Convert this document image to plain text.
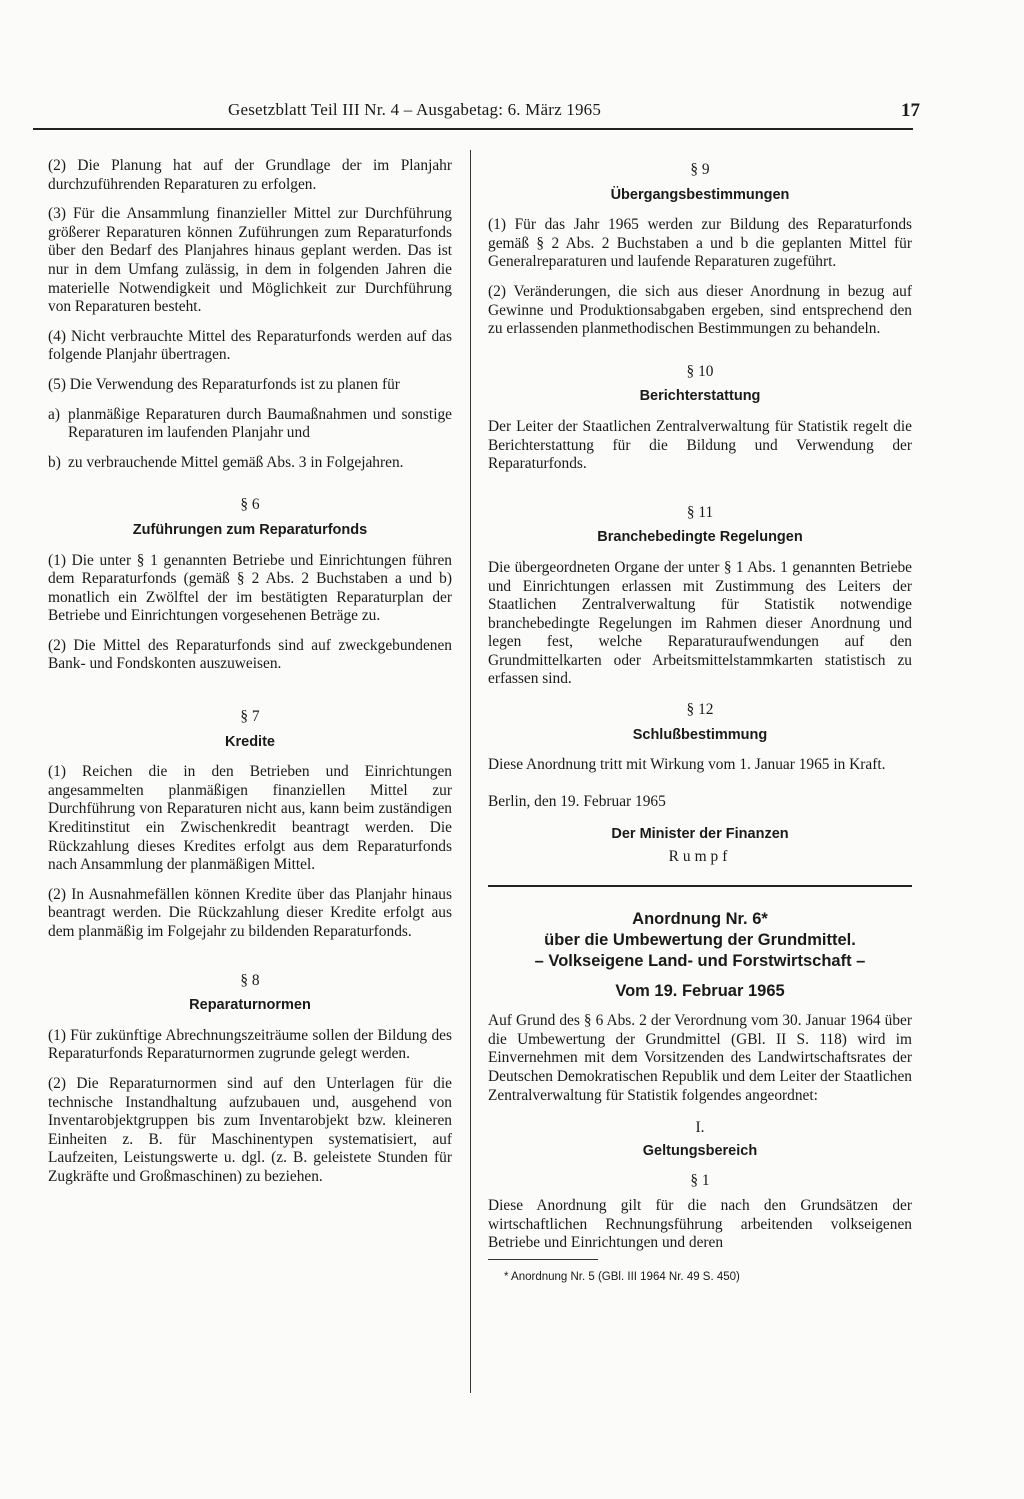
Gesetzblatt Teil III Nr. 4 – Ausgabetag: 6. März 1965	17

(2) Die Planung hat auf der Grundlage der im Planjahr durchzuführenden Reparaturen zu erfolgen.

(3) Für die Ansammlung finanzieller Mittel zur Durchführung größerer Reparaturen können Zuführungen zum Reparaturfonds über den Bedarf des Planjahres hinaus geplant werden. Das ist nur in dem Umfang zulässig, in dem in folgenden Jahren die materielle Notwendigkeit und Möglichkeit zur Durchführung von Reparaturen besteht.

(4) Nicht verbrauchte Mittel des Reparaturfonds werden auf das folgende Planjahr übertragen.

(5) Die Verwendung des Reparaturfonds ist zu planen für

a) planmäßige Reparaturen durch Baumaßnahmen und sonstige Reparaturen im laufenden Planjahr und
b) zu verbrauchende Mittel gemäß Abs. 3 in Folgejahren.
§ 6
Zuführungen zum Reparaturfonds

(1) Die unter § 1 genannten Betriebe und Einrichtungen führen dem Reparaturfonds (gemäß § 2 Abs. 2 Buchstaben a und b) monatlich ein Zwölftel der im bestätigten Reparaturplan der Betriebe und Einrichtungen vorgesehenen Beträge zu.

(2) Die Mittel des Reparaturfonds sind auf zweckgebundenen Bank- und Fondskonten auszuweisen.

§ 7
Kredite

(1) Reichen die in den Betrieben und Einrichtungen angesammelten planmäßigen finanziellen Mittel zur Durchführung von Reparaturen nicht aus, kann beim zuständigen Kreditinstitut ein Zwischenkredit beantragt werden. Die Rückzahlung dieses Kredites erfolgt aus dem Reparaturfonds nach Ansammlung der planmäßigen Mittel.

(2) In Ausnahmefällen können Kredite über das Planjahr hinaus beantragt werden. Die Rückzahlung dieser Kredite erfolgt aus dem planmäßig im Folgejahr zu bildenden Reparaturfonds.

§ 8
Reparaturnormen

(1) Für zukünftige Abrechnungszeiträume sollen der Bildung des Reparaturfonds Reparaturnormen zugrunde gelegt werden.

(2) Die Reparaturnormen sind auf den Unterlagen für die technische Instandhaltung aufzubauen und, ausgehend von Inventarobjektgruppen bis zum Inventarobjekt bzw. kleineren Einheiten z. B. für Maschinentypen systematisiert, auf Laufzeiten, Leistungswerte u. dgl. (z. B. geleistete Stunden für Zugkräfte und Großmaschinen) zu beziehen.

§ 9
Übergangsbestimmungen

(1) Für das Jahr 1965 werden zur Bildung des Reparaturfonds gemäß § 2 Abs. 2 Buchstaben a und b die geplanten Mittel für Generalreparaturen und laufende Reparaturen zugeführt.

(2) Veränderungen, die sich aus dieser Anordnung in bezug auf Gewinne und Produktionsabgaben ergeben, sind entsprechend den zu erlassenden planmethodischen Bestimmungen zu behandeln.

§ 10
Berichterstattung

Der Leiter der Staatlichen Zentralverwaltung für Statistik regelt die Berichterstattung für die Bildung und Verwendung der Reparaturfonds.

§ 11
Branchebedingte Regelungen

Die übergeordneten Organe der unter § 1 Abs. 1 genannten Betriebe und Einrichtungen erlassen mit Zustimmung des Leiters der Staatlichen Zentralverwaltung für Statistik notwendige branchebedingte Regelungen im Rahmen dieser Anordnung und legen fest, welche Reparaturaufwendungen auf den Grundmittelkarten oder Arbeitsmittelstammkarten statistisch zu erfassen sind.

§ 12
Schlußbestimmung

Diese Anordnung tritt mit Wirkung vom 1. Januar 1965 in Kraft.

Berlin, den 19. Februar 1965

Der Minister der Finanzen
Rumpf
Anordnung Nr. 6*
über die Umbewertung der Grundmittel.
– Volkseigene Land- und Forstwirtschaft –
Vom 19. Februar 1965

Auf Grund des § 6 Abs. 2 der Verordnung vom 30. Januar 1964 über die Umbewertung der Grundmittel (GBl. II S. 118) wird im Einvernehmen mit dem Vorsitzenden des Landwirtschaftsrates der Deutschen Demokratischen Republik und dem Leiter der Staatlichen Zentralverwaltung für Statistik folgendes angeordnet:

I.
Geltungsbereich
§ 1

Diese Anordnung gilt für die nach den Grundsätzen der wirtschaftlichen Rechnungsführung arbeitenden volkseigenen Betriebe und Einrichtungen und deren

* Anordnung Nr. 5 (GBl. III 1964 Nr. 49 S. 450)
